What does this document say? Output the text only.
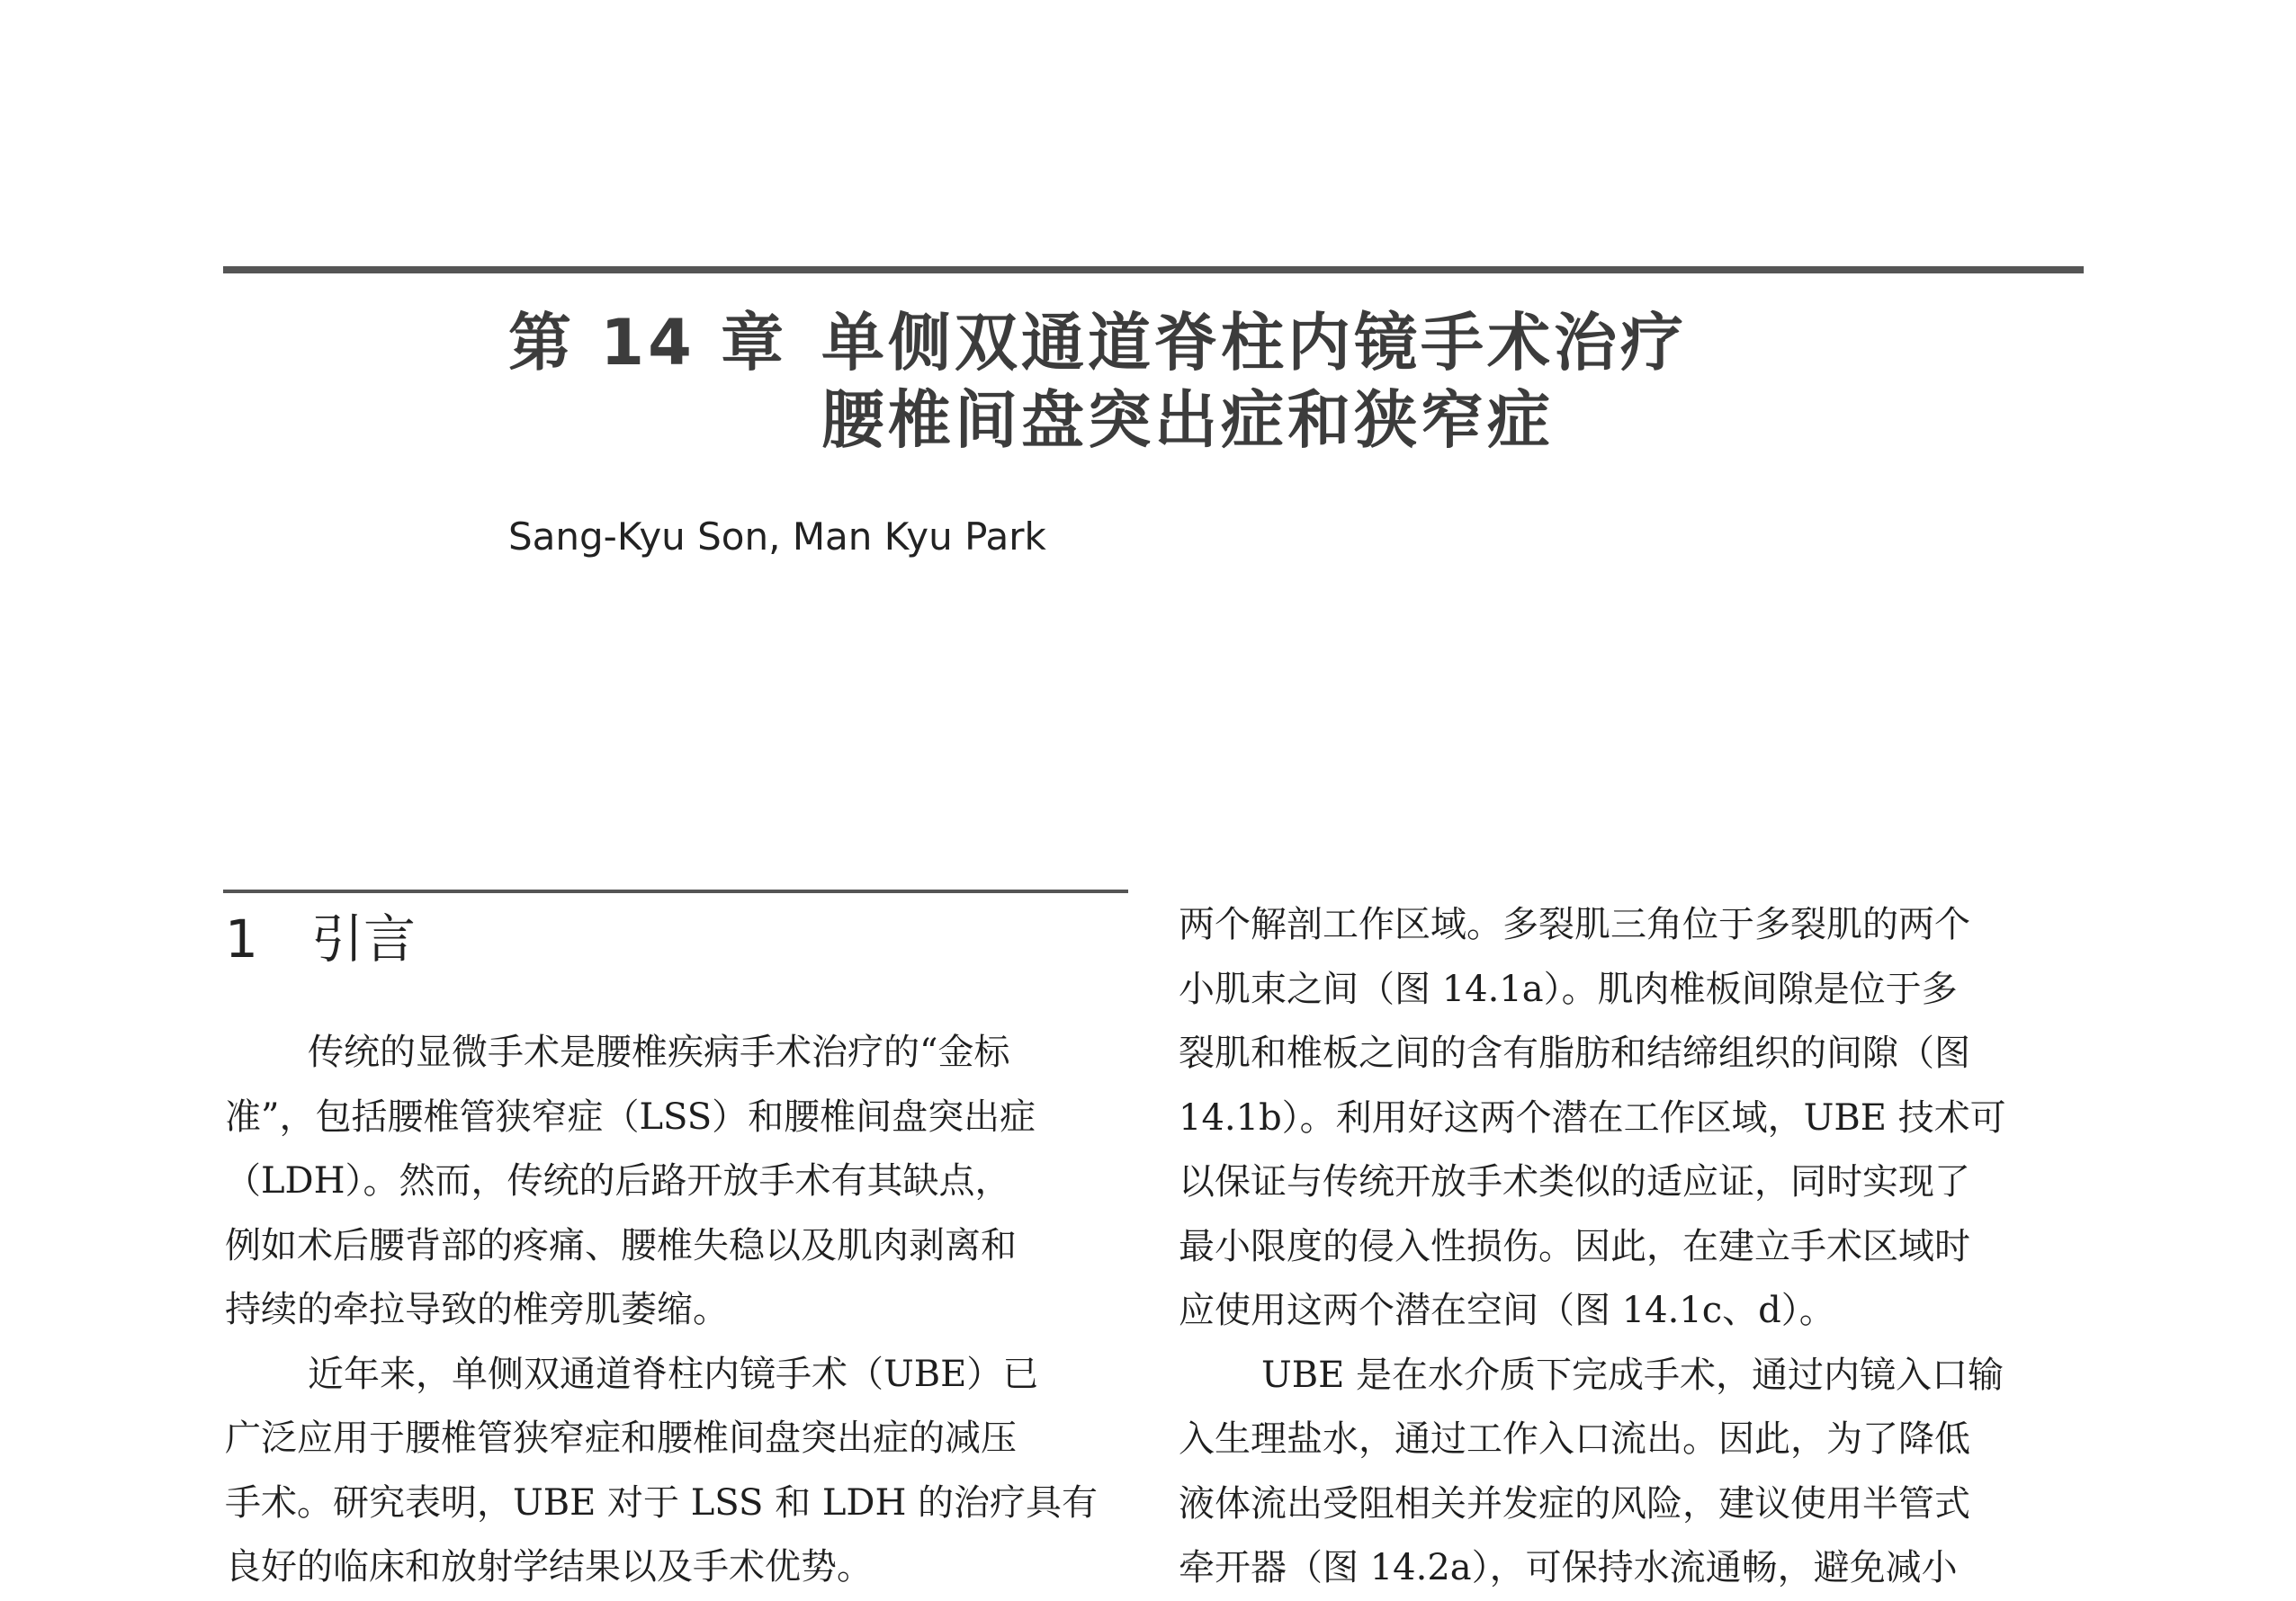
第 14 章 单侧双通道脊柱内镜手术治疗
腰椎间盘突出症和狭窄症
Sang-Kyu Son, Man Kyu Park
1 引言
传统的显微手术是腰椎疾病手术治疗的“金标
准”，包括腰椎管狭窄症（LSS）和腰椎间盘突出症
（LDH）。然而，传统的后路开放手术有其缺点，
例如术后腰背部的疼痛、腰椎失稳以及肌肉剥离和
持续的牵拉导致的椎旁肌萎缩。
近年来，单侧双通道脊柱内镜手术（UBE）已
广泛应用于腰椎管狭窄症和腰椎间盘突出症的减压
手术。研究表明，UBE 对于 LSS 和 LDH 的治疗具有
良好的临床和放射学结果以及手术优势。
两个解剖工作区域。多裂肌三角位于多裂肌的两个
小肌束之间（图 14.1a）。肌肉椎板间隙是位于多
裂肌和椎板之间的含有脂肪和结缔组织的间隙（图
14.1b）。利用好这两个潜在工作区域，UBE 技术可
以保证与传统开放手术类似的适应证，同时实现了
最小限度的侵入性损伤。因此，在建立手术区域时
应使用这两个潜在空间（图 14.1c、d）。
UBE 是在水介质下完成手术，通过内镜入口输
入生理盐水，通过工作入口流出。因此，为了降低
液体流出受阻相关并发症的风险，建议使用半管式
牵开器（图 14.2a），可保持水流通畅，避免减小
